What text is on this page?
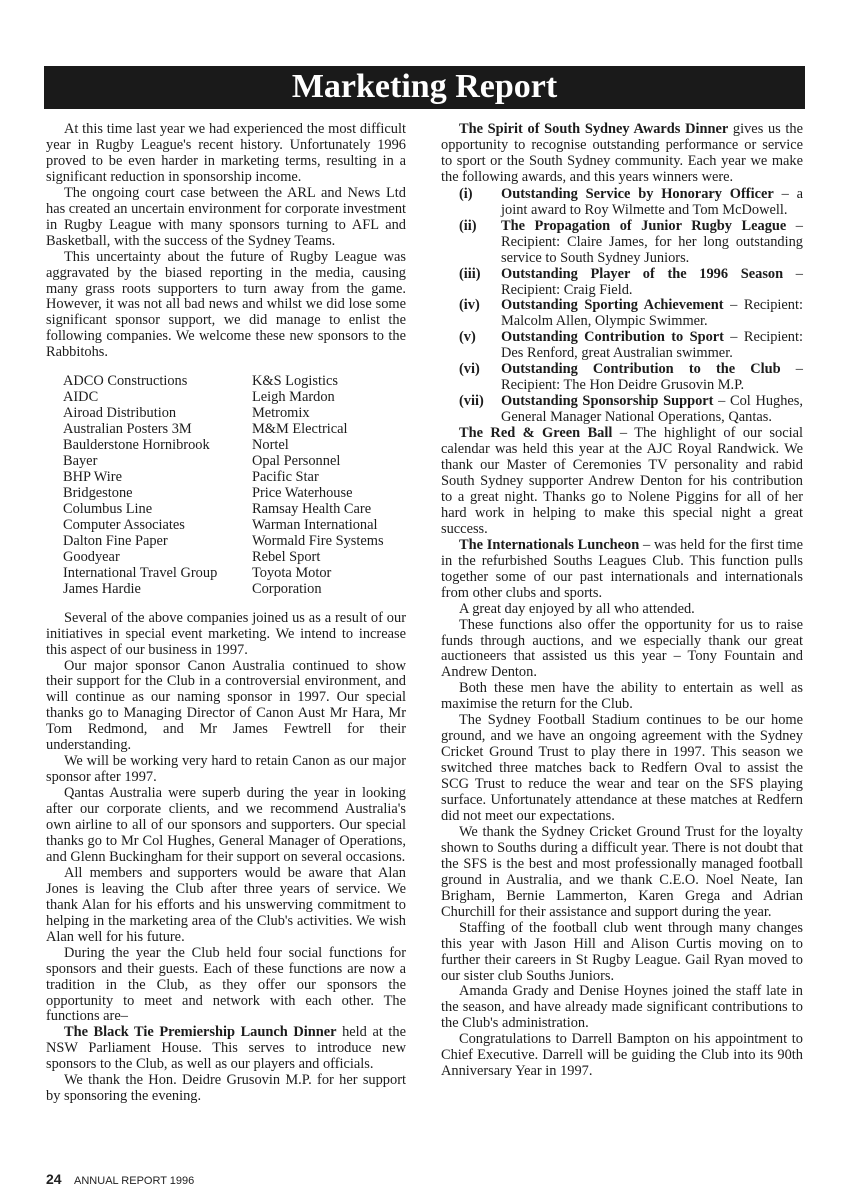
Marketing Report

At this time last year we had experienced the most difficult year in Rugby League's recent history. Unfortunately 1996 proved to be even harder in marketing terms, resulting in a significant reduction in sponsorship income.

The ongoing court case between the ARL and News Ltd has created an uncertain environment for corporate investment in Rugby League with many sponsors turning to AFL and Basketball, with the success of the Sydney Teams.

This uncertainty about the future of Rugby League was aggravated by the biased reporting in the media, causing many grass roots supporters to turn away from the game. However, it was not all bad news and whilst we did lose some significant sponsor support, we did manage to enlist the following companies. We welcome these new sponsors to the Rabbitohs.

ADCO Constructions	K&S Logistics
AIDC	Leigh Mardon
Airoad Distribution	Metromix
Australian Posters 3M	M&M Electrical
Baulderstone Hornibrook	Nortel
Bayer	Opal Personnel
BHP Wire	Pacific Star
Bridgestone	Price Waterhouse
Columbus Line	Ramsay Health Care
Computer Associates	Warman International
Dalton Fine Paper	Wormald Fire Systems
Goodyear	Rebel Sport
International Travel Group	Toyota Motor
James Hardie	Corporation

Several of the above companies joined us as a result of our initiatives in special event marketing. We intend to increase this aspect of our business in 1997.

Our major sponsor Canon Australia continued to show their support for the Club in a controversial environment, and will continue as our naming sponsor in 1997. Our special thanks go to Managing Director of Canon Aust Mr Hara, Mr Tom Redmond, and Mr James Fewtrell for their understanding.

We will be working very hard to retain Canon as our major sponsor after 1997.

Qantas Australia were superb during the year in looking after our corporate clients, and we recommend Australia's own airline to all of our sponsors and supporters. Our special thanks go to Mr Col Hughes, General Manager of Operations, and Glenn Buckingham for their support on several occasions.

All members and supporters would be aware that Alan Jones is leaving the Club after three years of service. We thank Alan for his efforts and his unswerving commitment to helping in the marketing area of the Club's activities. We wish Alan well for his future.

During the year the Club held four social functions for sponsors and their guests. Each of these functions are now a tradition in the Club, as they offer our sponsors the opportunity to meet and network with each other. The functions are–

The Black Tie Premiership Launch Dinner held at the NSW Parliament House. This serves to introduce new sponsors to the Club, as well as our players and officials.

We thank the Hon. Deidre Grusovin M.P. for her support by sponsoring the evening.

The Spirit of South Sydney Awards Dinner gives us the opportunity to recognise outstanding performance or service to sport or the South Sydney community. Each year we make the following awards, and this years winners were.

(i)	Outstanding Service by Honorary Officer – a joint award to Roy Wilmette and Tom McDowell.
(ii)	The Propagation of Junior Rugby League – Recipient: Claire James, for her long outstanding service to South Sydney Juniors.
(iii)	Outstanding Player of the 1996 Season – Recipient: Craig Field.
(iv)	Outstanding Sporting Achievement – Recipient: Malcolm Allen, Olympic Swimmer.
(v)	Outstanding Contribution to Sport – Recipient: Des Renford, great Australian swimmer.
(vi)	Outstanding Contribution to the Club – Recipient: The Hon Deidre Grusovin M.P.
(vii)	Outstanding Sponsorship Support – Col Hughes, General Manager National Operations, Qantas.

The Red & Green Ball – The highlight of our social calendar was held this year at the AJC Royal Randwick. We thank our Master of Ceremonies TV personality and rabid South Sydney supporter Andrew Denton for his contribution to a great night. Thanks go to Nolene Piggins for all of her hard work in helping to make this special night a great success.

The Internationals Luncheon – was held for the first time in the refurbished Souths Leagues Club. This function pulls together some of our past internationals and internationals from other clubs and sports.

A great day enjoyed by all who attended.

These functions also offer the opportunity for us to raise funds through auctions, and we especially thank our great auctioneers that assisted us this year – Tony Fountain and Andrew Denton.

Both these men have the ability to entertain as well as maximise the return for the Club.

The Sydney Football Stadium continues to be our home ground, and we have an ongoing agreement with the Sydney Cricket Ground Trust to play there in 1997. This season we switched three matches back to Redfern Oval to assist the SCG Trust to reduce the wear and tear on the SFS playing surface. Unfortunately attendance at these matches at Redfern did not meet our expectations.

We thank the Sydney Cricket Ground Trust for the loyalty shown to Souths during a difficult year. There is not doubt that the SFS is the best and most professionally managed football ground in Australia, and we thank C.E.O. Noel Neate, Ian Brigham, Bernie Lammerton, Karen Grega and Adrian Churchill for their assistance and support during the year.

Staffing of the football club went through many changes this year with Jason Hill and Alison Curtis moving on to further their careers in St Rugby League. Gail Ryan moved to our sister club Souths Juniors.

Amanda Grady and Denise Hoynes joined the staff late in the season, and have already made significant contributions to the Club's administration.

Congratulations to Darrell Bampton on his appointment to Chief Executive. Darrell will be guiding the Club into its 90th Anniversary Year in 1997.

24 ANNUAL REPORT 1996
